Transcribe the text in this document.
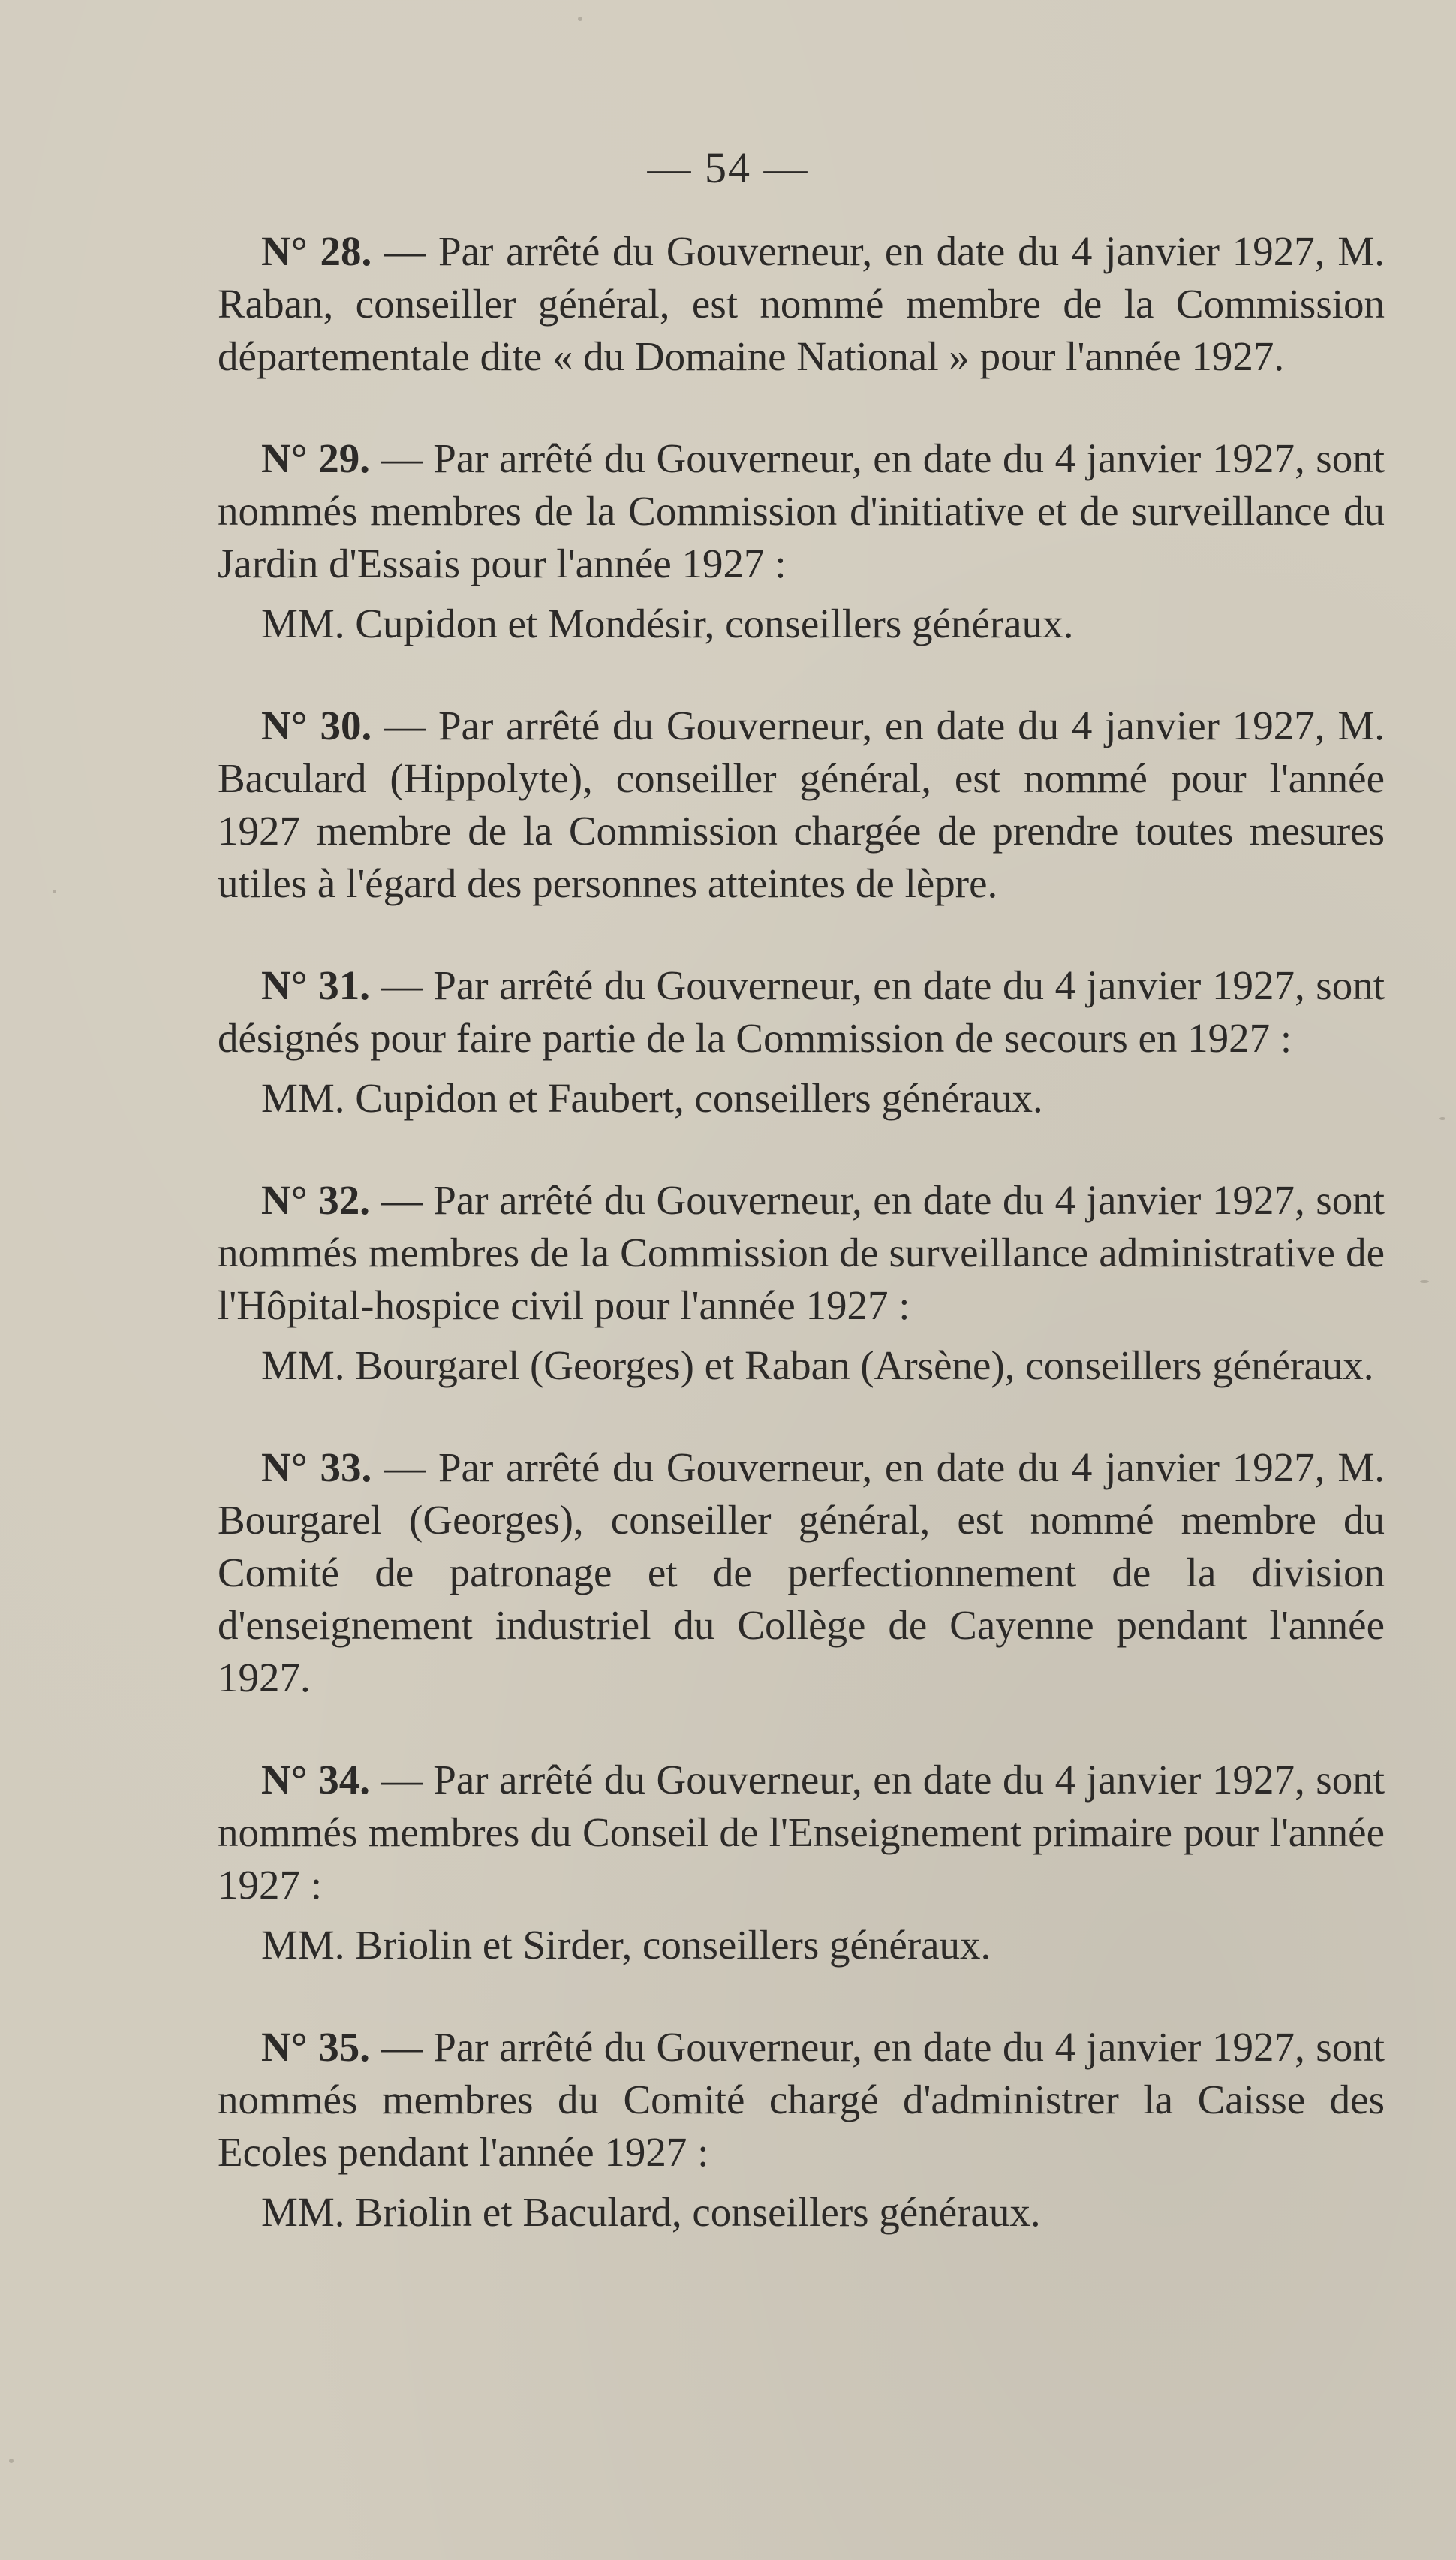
— 54 —

N° 28. — Par arrêté du Gouverneur, en date du 4 janvier 1927, M. Raban, conseiller général, est nommé membre de la Commission départementale dite « du Domaine National » pour l'année 1927.

N° 29. — Par arrêté du Gouverneur, en date du 4 janvier 1927, sont nommés membres de la Commission d'initiative et de surveillance du Jardin d'Essais pour l'année 1927 :

MM. Cupidon et Mondésir, conseillers généraux.

N° 30. — Par arrêté du Gouverneur, en date du 4 janvier 1927, M. Baculard (Hippolyte), conseiller général, est nommé pour l'année 1927 membre de la Commission chargée de prendre toutes mesures utiles à l'égard des personnes atteintes de lèpre.

N° 31. — Par arrêté du Gouverneur, en date du 4 janvier 1927, sont désignés pour faire partie de la Commission de secours en 1927 :

MM. Cupidon et Faubert, conseillers généraux.

N° 32. — Par arrêté du Gouverneur, en date du 4 janvier 1927, sont nommés membres de la Commission de surveillance administrative de l'Hôpital-hospice civil pour l'année 1927 :

MM. Bourgarel (Georges) et Raban (Arsène), conseillers généraux.

N° 33. — Par arrêté du Gouverneur, en date du 4 janvier 1927, M. Bourgarel (Georges), conseiller général, est nommé membre du Comité de patronage et de perfectionnement de la division d'enseignement industriel du Collège de Cayenne pendant l'année 1927.

N° 34. — Par arrêté du Gouverneur, en date du 4 janvier 1927, sont nommés membres du Conseil de l'Enseignement primaire pour l'année 1927 :

MM. Briolin et Sirder, conseillers généraux.

N° 35. — Par arrêté du Gouverneur, en date du 4 janvier 1927, sont nommés membres du Comité chargé d'administrer la Caisse des Ecoles pendant l'année 1927 :

MM. Briolin et Baculard, conseillers généraux.
